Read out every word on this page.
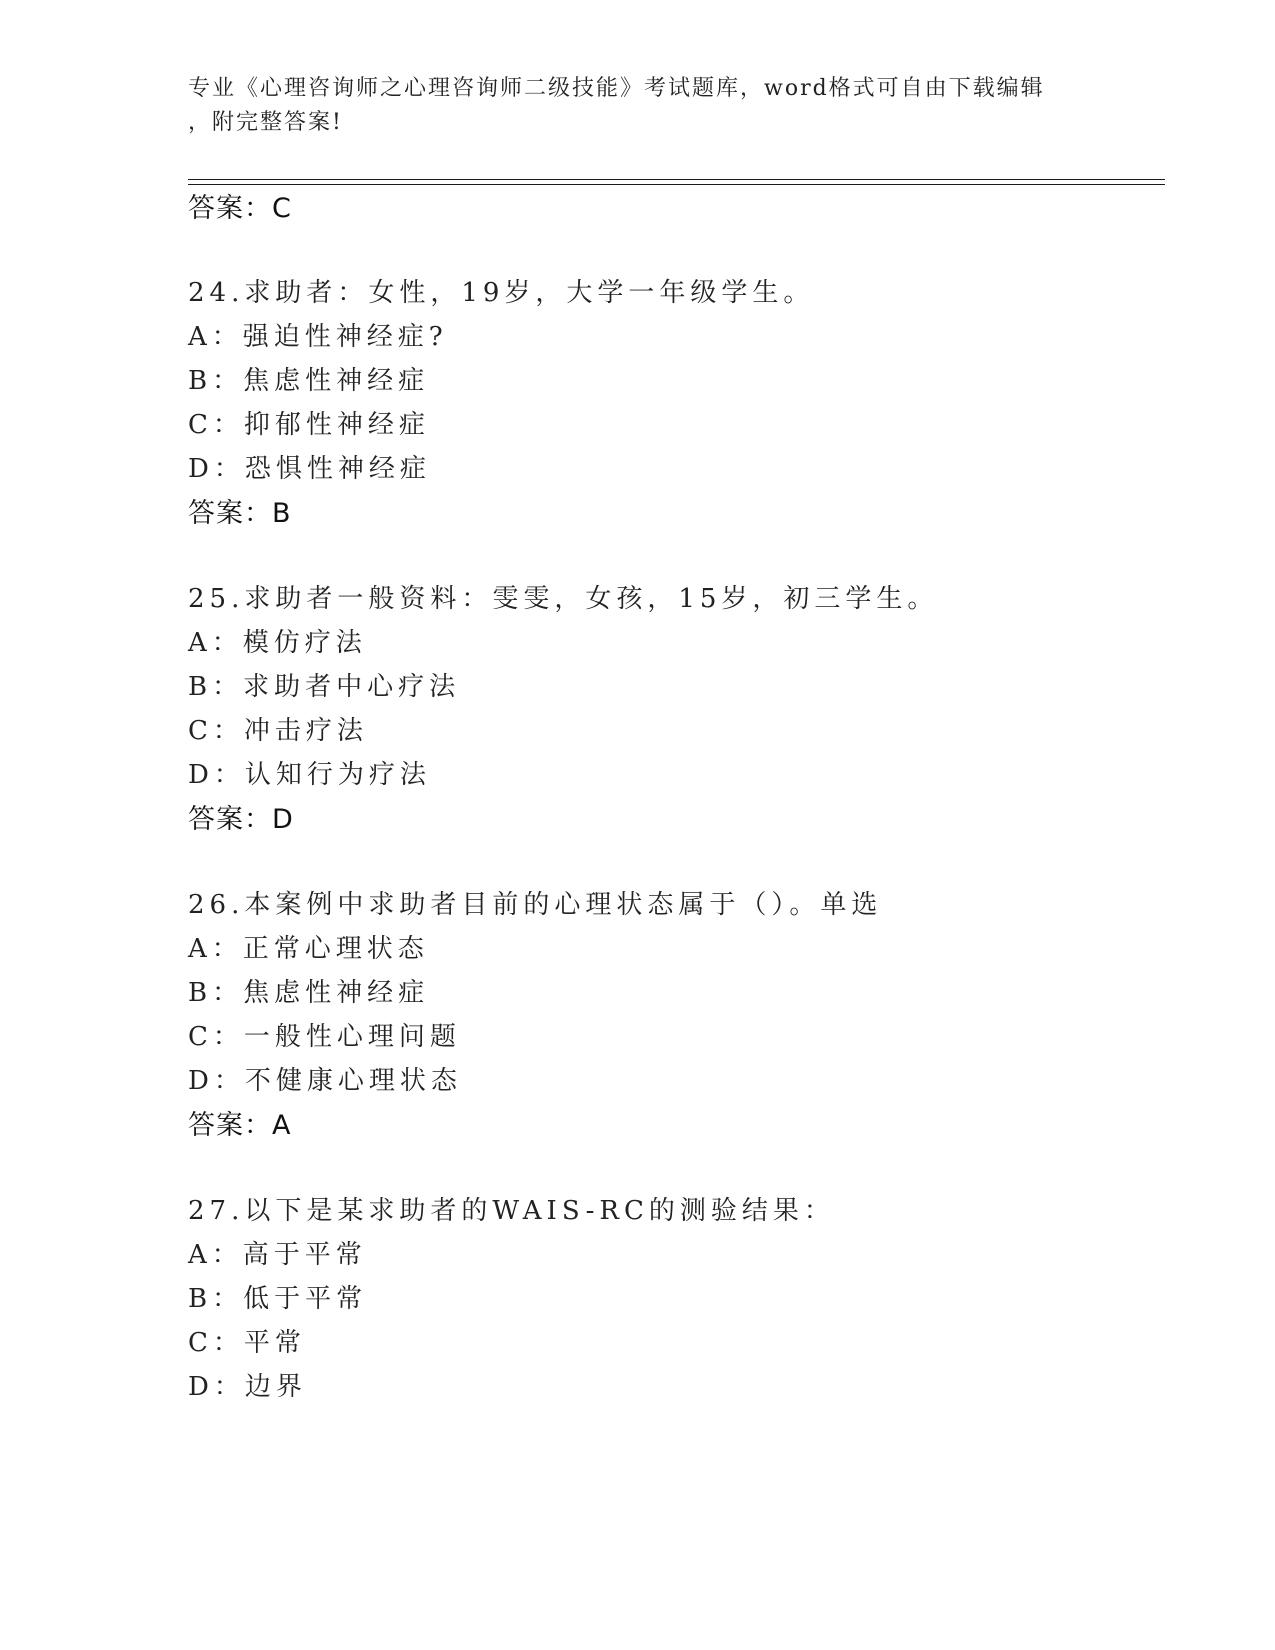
专业《心理咨询师之心理咨询师二级技能》考试题库，word格式可自由下载编辑
，附完整答案!
答案：C
24.求助者：女性，19岁，大学一年级学生。
A：强迫性神经症?
B：焦虑性神经症
C：抑郁性神经症
D：恐惧性神经症
答案：B
25.求助者一般资料：雯雯，女孩，15岁，初三学生。
A：模仿疗法
B：求助者中心疗法
C：冲击疗法
D：认知行为疗法
答案：D
26.本案例中求助者目前的心理状态属于（）。单选
A：正常心理状态
B：焦虑性神经症
C：一般性心理问题
D：不健康心理状态
答案：A
27.以下是某求助者的WAIS-RC的测验结果：
A：高于平常
B：低于平常
C：平常
D：边界
